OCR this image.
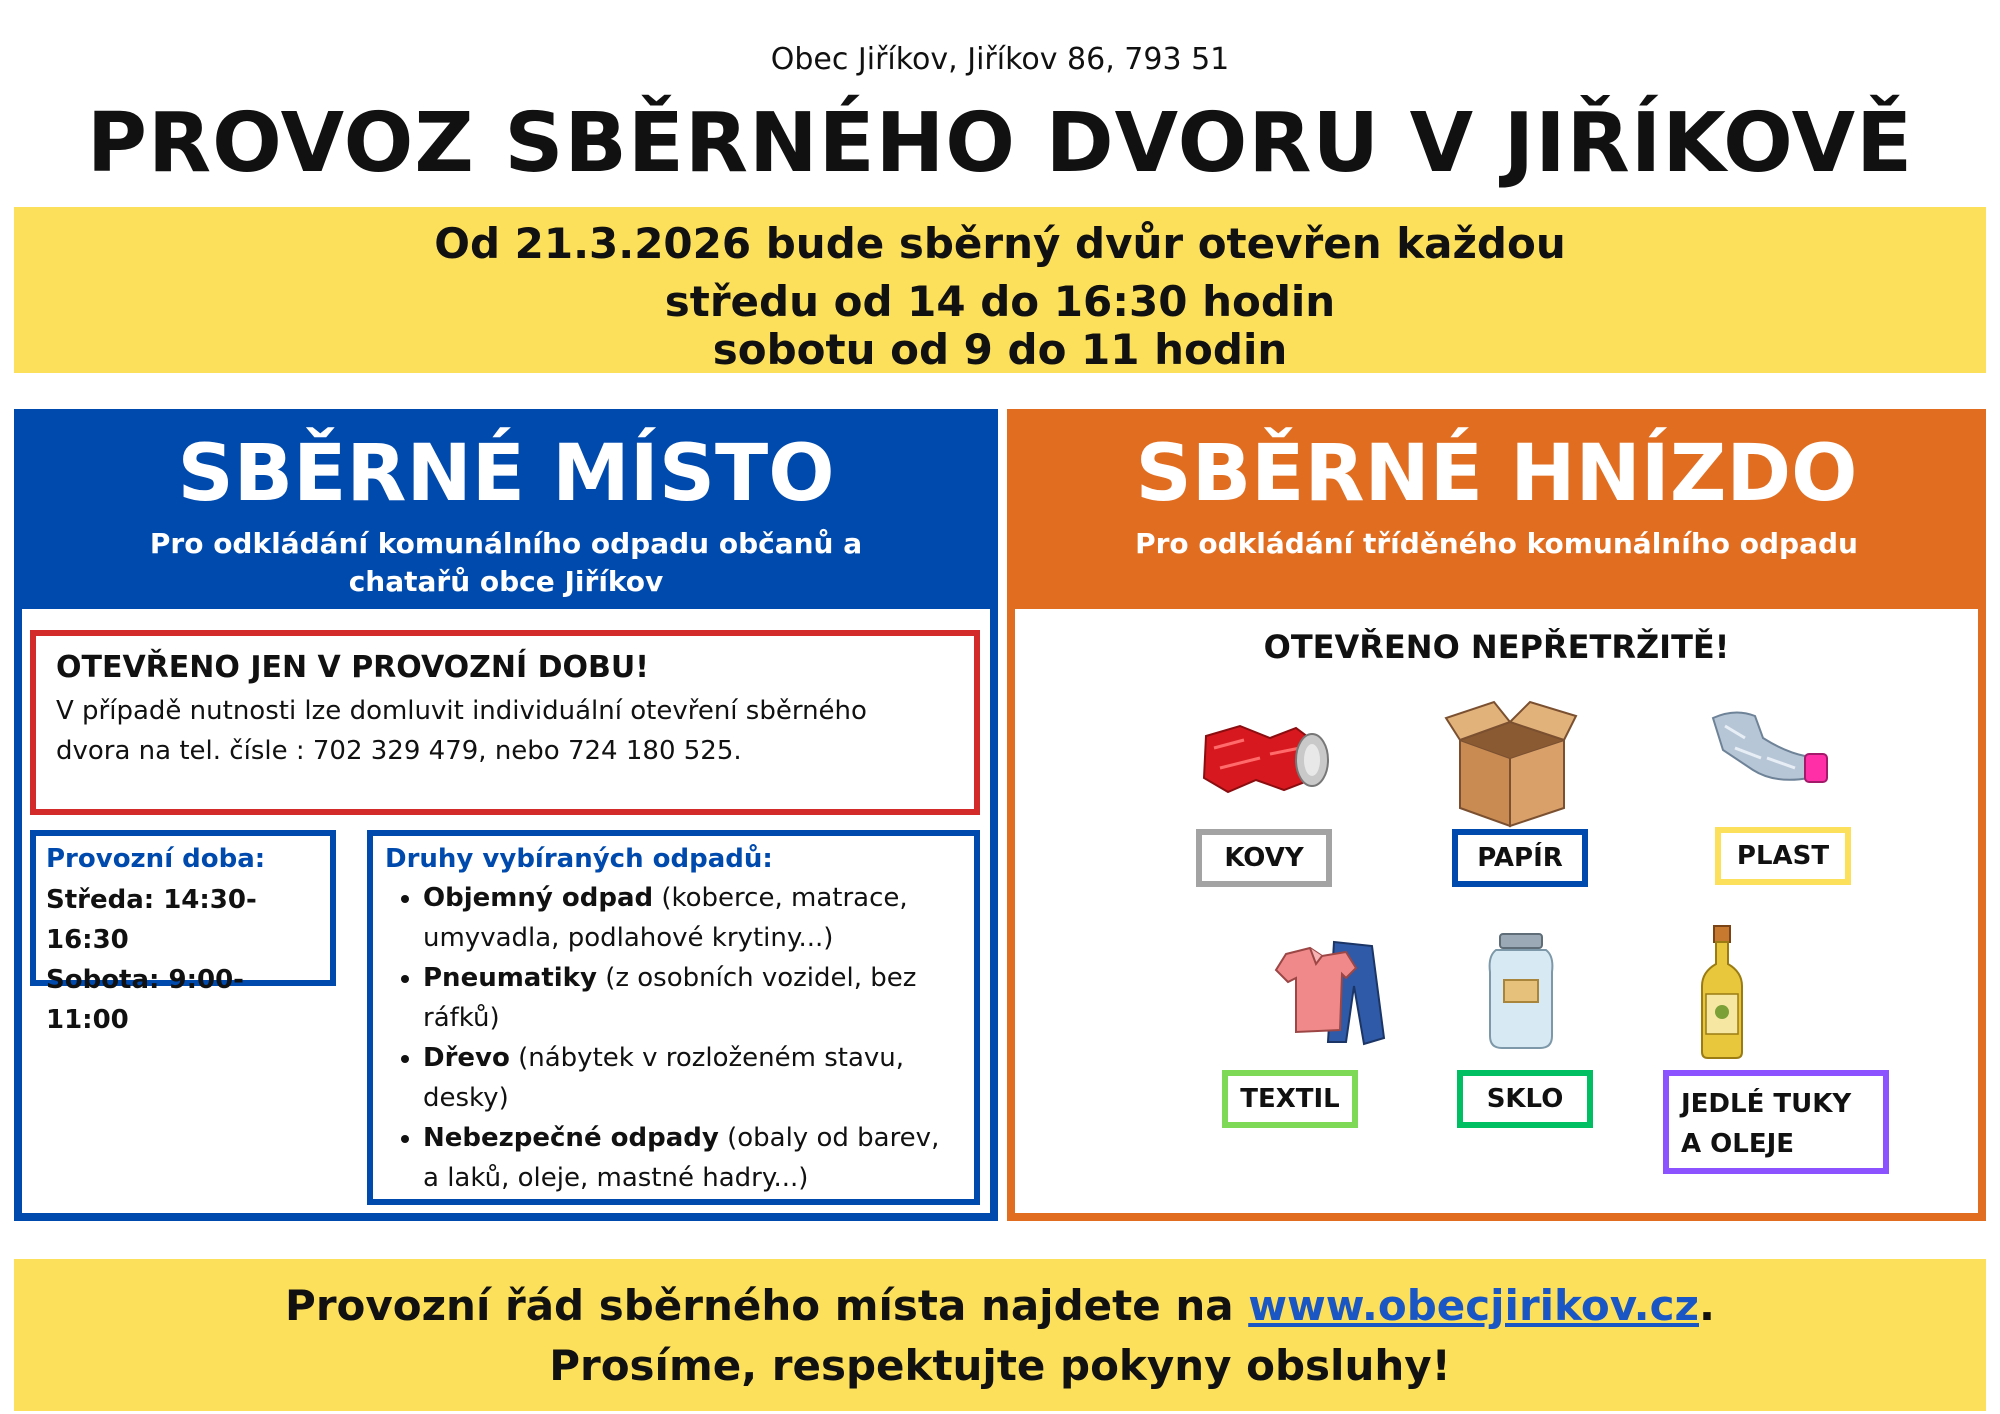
Obec Jiříkov, Jiříkov 86, 793 51
PROVOZ SBĚRNÉHO DVORU V JIŘÍKOVĚ
Od 21.3.2026 bude sběrný dvůr otevřen každou
středu od 14 do 16:30 hodin
sobotu od 9 do 11 hodin
SBĚRNÉ MÍSTO
Pro odkládání komunálního odpadu občanů a
chatařů obce Jiříkov
OTEVŘENO JEN V PROVOZNÍ DOBU!
V případě nutnosti lze domluvit individuální otevření sběrného dvora na tel. čísle : 702 329 479, nebo 724 180 525.
Provozní doba:
Středa: 14:30-16:30
Sobota: 9:00-11:00
Druhy vybíraných odpadů:
• Objemný odpad (koberce, matrace, umyvadla, podlahové krytiny...)
• Pneumatiky (z osobních vozidel, bez ráfků)
• Dřevo (nábytek v rozloženém stavu, desky)
• Nebezpečné odpady (obaly od barev, a laků, oleje, mastné hadry...)
SBĚRNÉ HNÍZDO
Pro odkládání tříděného komunálního odpadu
OTEVŘENO NEPŘETRŽITĚ!
KOVY	PAPÍR	PLAST
TEXTIL	SKLO	JEDLÉ TUKY A OLEJE
Provozní řád sběrného místa najdete na www.obecjirikov.cz.
Prosíme, respektujte pokyny obsluhy!
